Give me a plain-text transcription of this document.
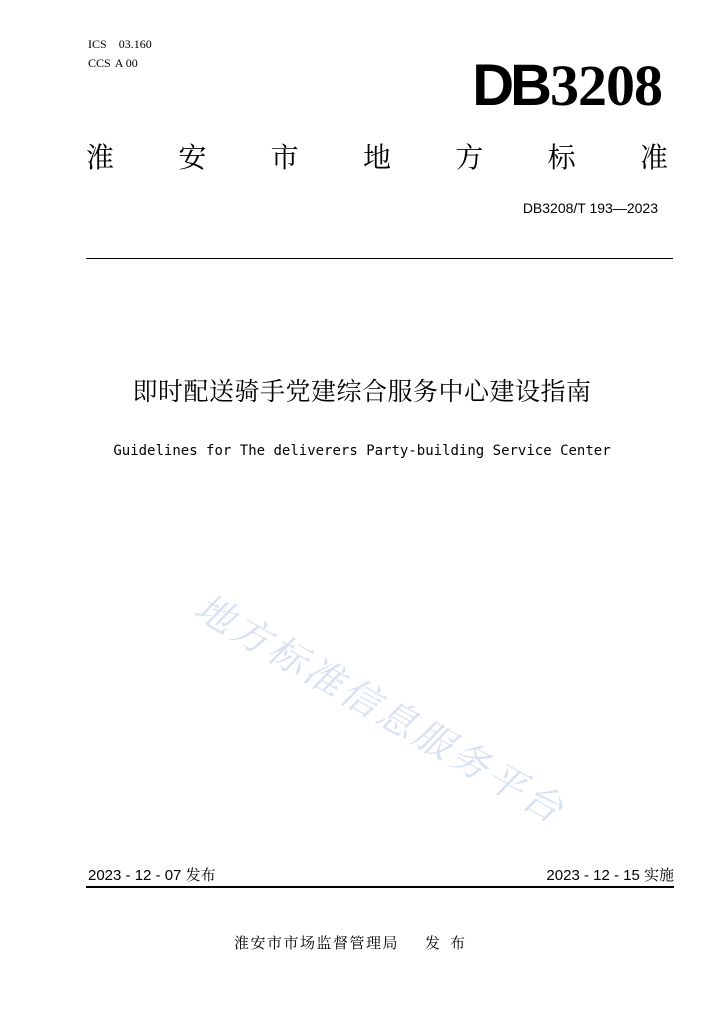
ICS 03.160
CCS A 00	DB3208
淮 安 市 地 方 标 准
DB3208/T 193—2023
即时配送骑手党建综合服务中心建设指南
Guidelines for The deliverers Party-building Service Center
地方标准信息服务平台
2023 - 12 - 07 发布	2023 - 12 - 15 实施
淮安市市场监督管理局 发布
